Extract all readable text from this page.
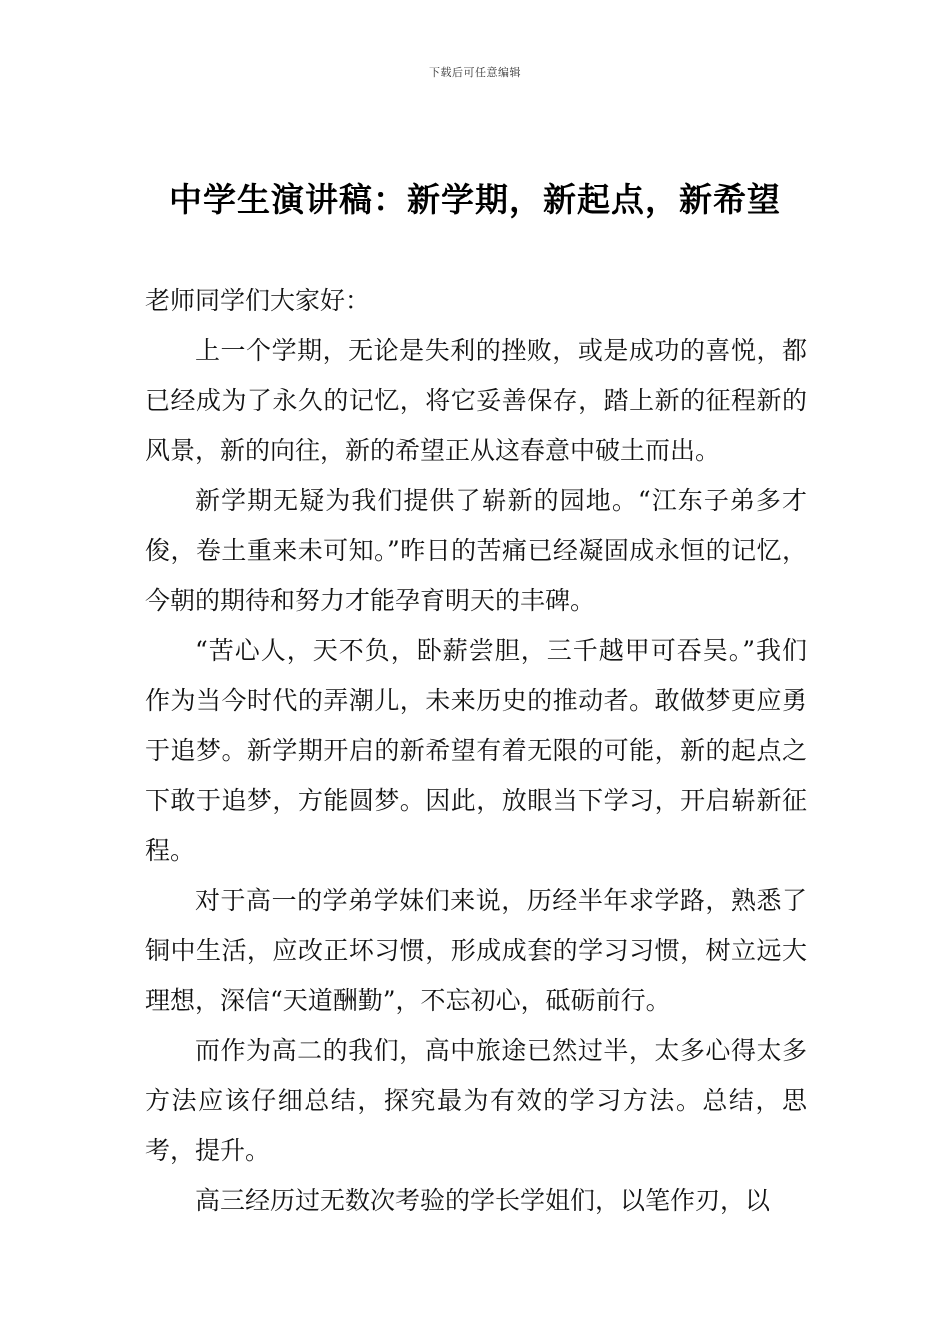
下载后可任意编辑
中学生演讲稿：新学期，新起点，新希望

老师同学们大家好：

上一个学期，无论是失利的挫败，或是成功的喜悦，都已经成为了永久的记忆，将它妥善保存，踏上新的征程新的风景，新的向往，新的希望正从这春意中破土而出。

新学期无疑为我们提供了崭新的园地。“江东子弟多才俊，卷土重来未可知。”昨日的苦痛已经凝固成永恒的记忆，今朝的期待和努力才能孕育明天的丰碑。

“苦心人，天不负，卧薪尝胆，三千越甲可吞吴。”我们作为当今时代的弄潮儿，未来历史的推动者。敢做梦更应勇于追梦。新学期开启的新希望有着无限的可能，新的起点之下敢于追梦，方能圆梦。因此，放眼当下学习，开启崭新征程。

对于高一的学弟学妹们来说，历经半年求学路，熟悉了铜中生活，应改正坏习惯，形成成套的学习习惯，树立远大理想，深信“天道酬勤”，不忘初心，砥砺前行。

而作为高二的我们，高中旅途已然过半，太多心得太多方法应该仔细总结，探究最为有效的学习方法。总结，思考，提升。

高三经历过无数次考验的学长学姐们，以笔作刃，以
